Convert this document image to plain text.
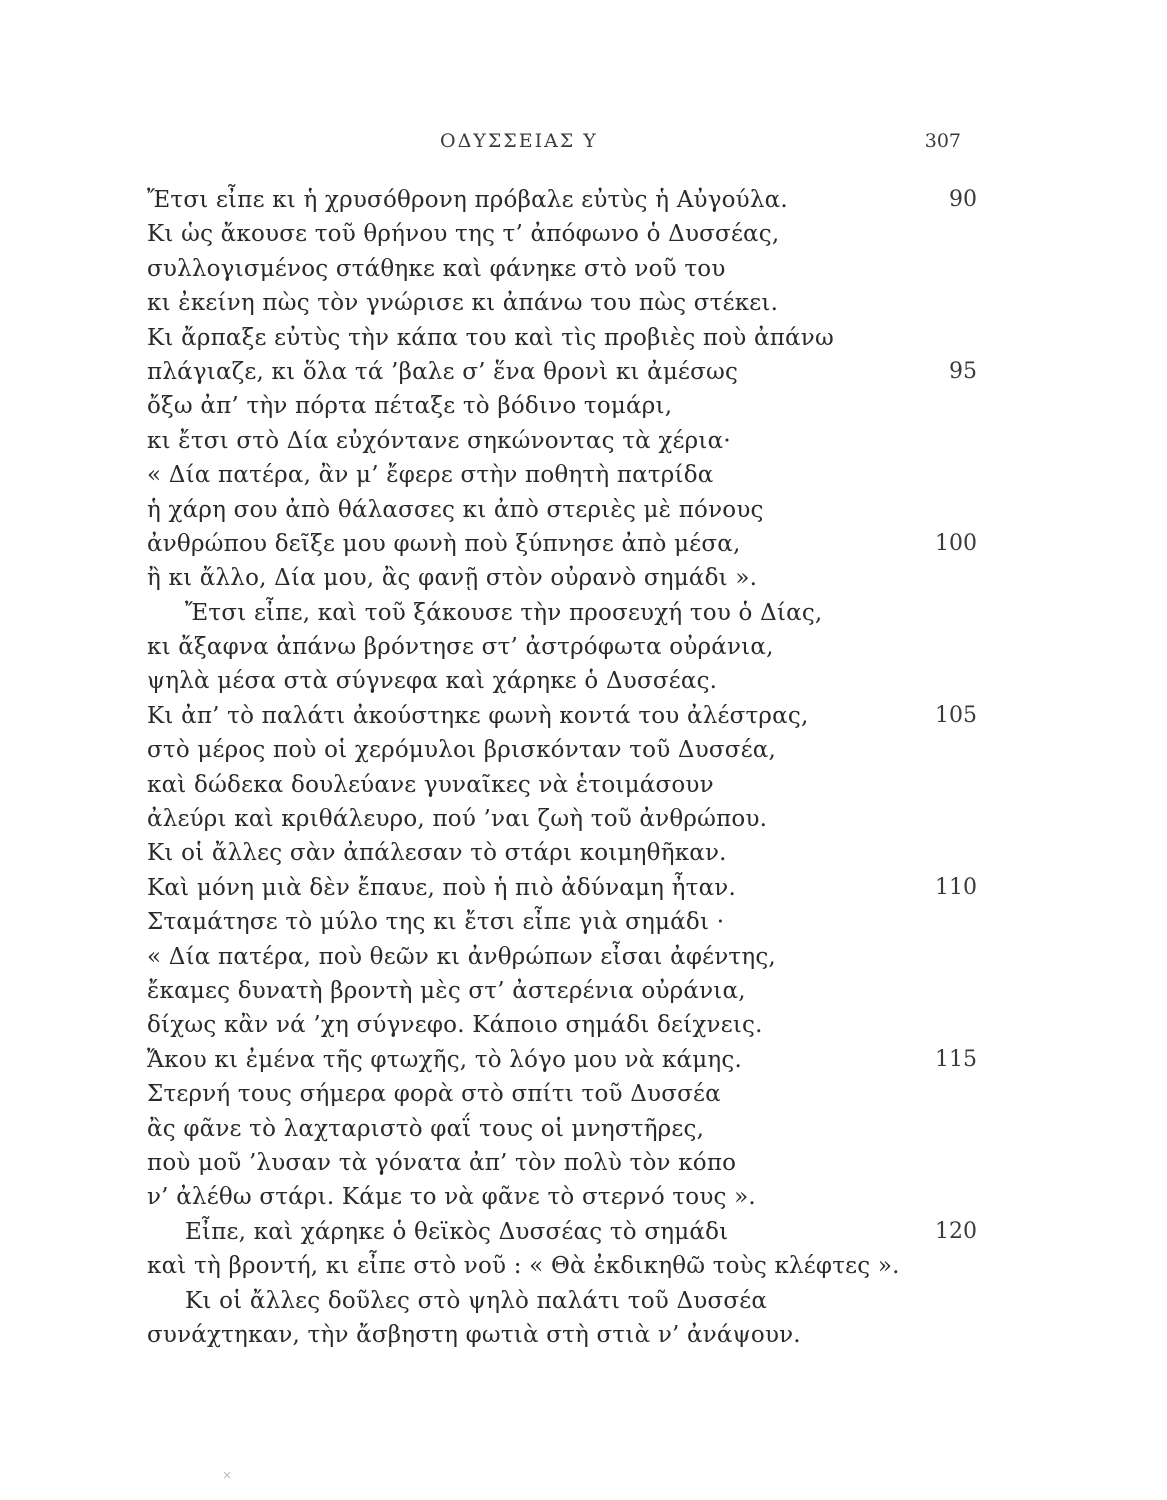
ΟΔΥΣΣΕΙΑΣ Υ	307
Ἔτσι εἶπε κι ἡ χρυσόθρονη πρόβαλε εὐτὺς ἡ Αὐγούλα.	90
Κι ὡς ἄκουσε τοῦ θρήνου της τ’ ἀπόφωνο ὁ Δυσσέας,
συλλογισμένος στάθηκε καὶ φάνηκε στὸ νοῦ του
κι ἐκείνη πὼς τὸν γνώρισε κι ἀπάνω του πὼς στέκει.
Κι ἄρπαξε εὐτὺς τὴν κάπα του καὶ τὶς προβιὲς ποὺ ἀπάνω
πλάγιαζε, κι ὅλα τά ’βαλε σ’ ἕνα θρονὶ κι ἀμέσως	95
ὄξω ἀπ’ τὴν πόρτα πέταξε τὸ βόδινο τομάρι,
κι ἔτσι στὸ Δία εὐχόντανε σηκώνοντας τὰ χέρια·
« Δία πατέρα, ἂν μ’ ἔφερε στὴν ποθητὴ πατρίδα
ἡ χάρη σου ἀπὸ θάλασσες κι ἀπὸ στεριὲς μὲ πόνους
ἀνθρώπου δεῖξε μου φωνὴ ποὺ ξύπνησε ἀπὸ μέσα,	100
ἢ κι ἄλλο, Δία μου, ἂς φανῇ στὸν οὐρανὸ σημάδι ».
Ἔτσι εἶπε, καὶ τοῦ ξάκουσε τὴν προσευχή του ὁ Δίας,
κι ἄξαφνα ἀπάνω βρόντησε στ’ ἀστρόφωτα οὐράνια,
ψηλὰ μέσα στὰ σύγνεφα καὶ χάρηκε ὁ Δυσσέας.
Κι ἀπ’ τὸ παλάτι ἀκούστηκε φωνὴ κοντά του ἀλέστρας,	105
στὸ μέρος ποὺ οἱ χερόμυλοι βρισκόνταν τοῦ Δυσσέα,
καὶ δώδεκα δουλεύανε γυναῖκες νὰ ἑτοιμάσουν
ἀλεύρι καὶ κριθάλευρο, πού ’ναι ζωὴ τοῦ ἀνθρώπου.
Κι οἱ ἄλλες σὰν ἀπάλεσαν τὸ στάρι κοιμηθῆκαν.
Καὶ μόνη μιὰ δὲν ἔπαυε, ποὺ ἡ πιὸ ἀδύναμη ἦταν.	110
Σταμάτησε τὸ μύλο της κι ἔτσι εἶπε γιὰ σημάδι ·
« Δία πατέρα, ποὺ θεῶν κι ἀνθρώπων εἶσαι ἀφέντης,
ἔκαμες δυνατὴ βροντὴ μὲς στ’ ἀστερένια οὐράνια,
δίχως κἂν νά ’χη σύγνεφο. Κάποιο σημάδι δείχνεις.
Ἄκου κι ἐμένα τῆς φτωχῆς, τὸ λόγο μου νὰ κάμης.	115
Στερνή τους σήμερα φορὰ στὸ σπίτι τοῦ Δυσσέα
ἂς φᾶνε τὸ λαχταριστὸ φαΐ τους οἱ μνηστῆρες,
ποὺ μοῦ ’λυσαν τὰ γόνατα ἀπ’ τὸν πολὺ τὸν κόπο
ν’ ἀλέθω στάρι. Κάμε το νὰ φᾶνε τὸ στερνό τους ».
Εἶπε, καὶ χάρηκε ὁ θεϊκὸς Δυσσέας τὸ σημάδι	120
καὶ τὴ βροντή, κι εἶπε στὸ νοῦ : « Θὰ ἐκδικηθῶ τοὺς κλέφτες ».
Κι οἱ ἄλλες δοῦλες στὸ ψηλὸ παλάτι τοῦ Δυσσέα
συνάχτηκαν, τὴν ἄσβηστη φωτιὰ στὴ στιὰ ν’ ἀνάψουν.
×
